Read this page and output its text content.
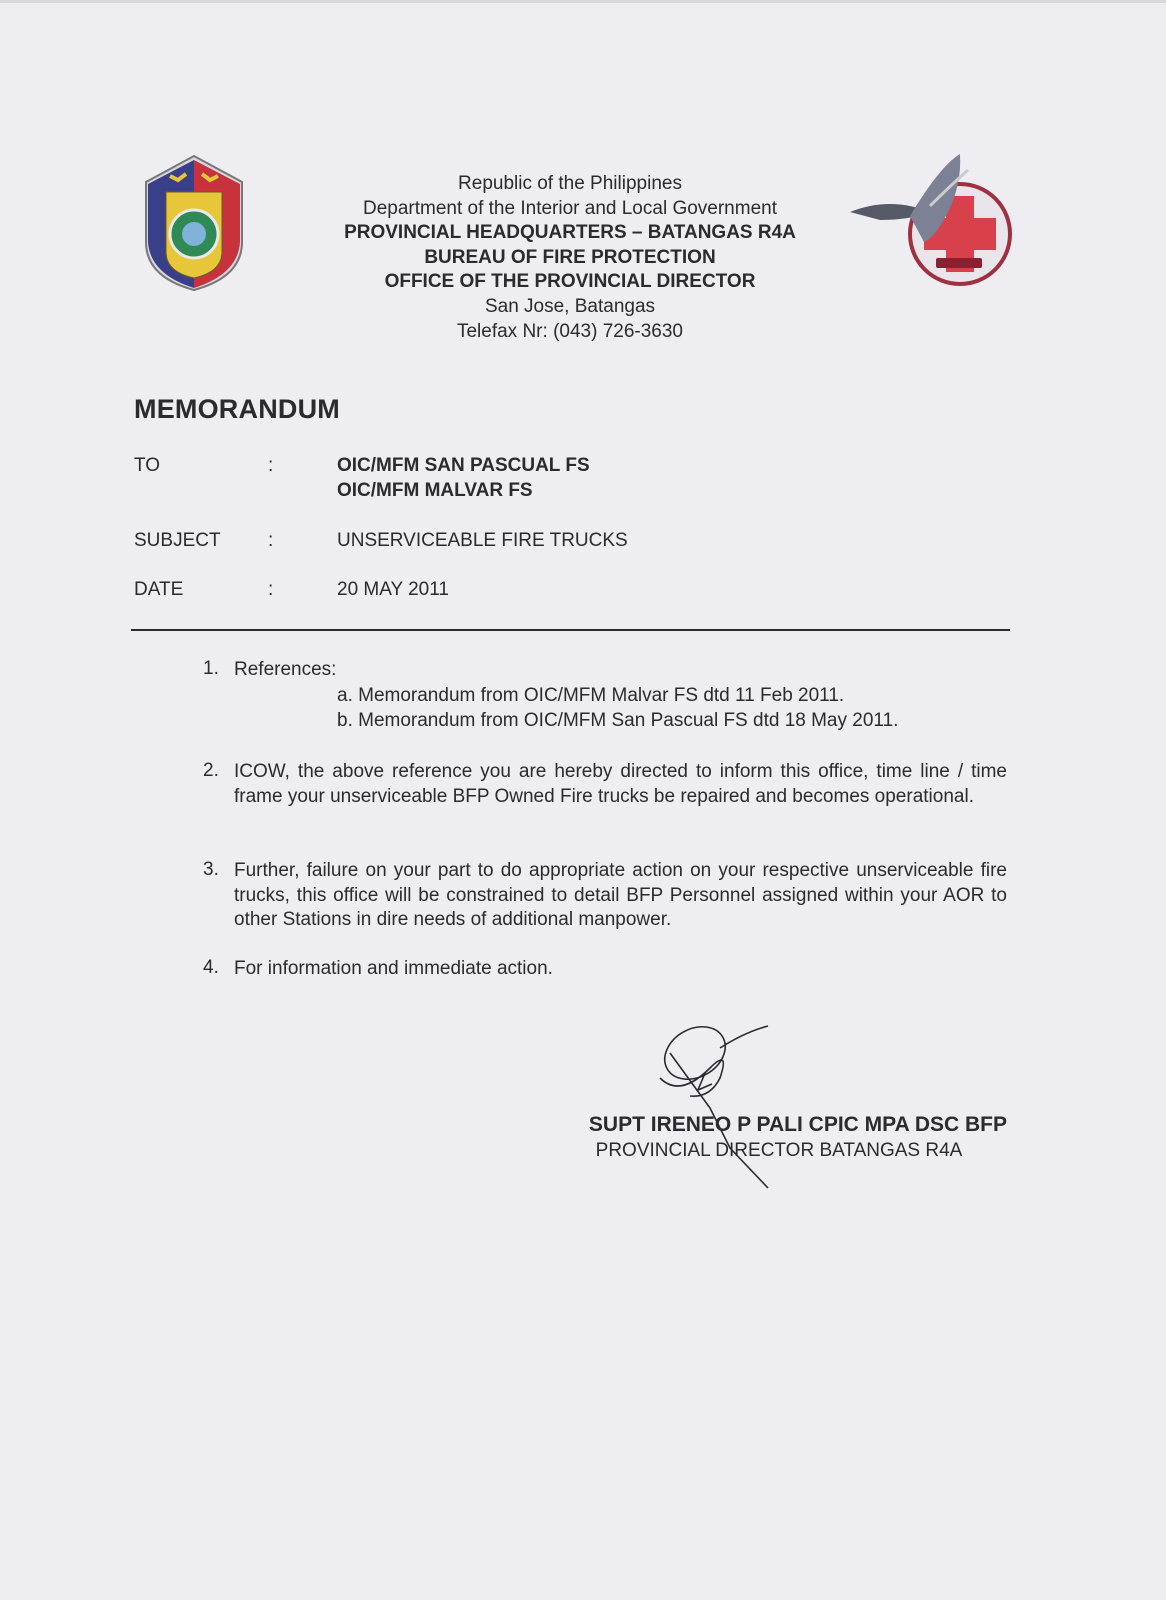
Republic of the Philippines
Department of the Interior and Local Government
PROVINCIAL HEADQUARTERS – BATANGAS R4A
BUREAU OF FIRE PROTECTION
OFFICE OF THE PROVINCIAL DIRECTOR
San Jose, Batangas
Telefax Nr: (043) 726-3630
MEMORANDUM
TO	:	OIC/MFM SAN PASCUAL FS
OIC/MFM MALVAR FS
SUBJECT :	UNSERVICEABLE FIRE TRUCKS
DATE	:	20 MAY 2011
1. References:
a. Memorandum from OIC/MFM Malvar FS dtd 11 Feb 2011.
b. Memorandum from OIC/MFM San Pascual FS dtd 18 May 2011.
2. ICOW, the above reference you are hereby directed to inform this office, time line / time frame your unserviceable BFP Owned Fire trucks be repaired and becomes operational.
3. Further, failure on your part to do appropriate action on your respective unserviceable fire trucks, this office will be constrained to detail BFP Personnel assigned within your AOR to other Stations in dire needs of additional manpower.
4. For information and immediate action.
SUPT IRENEO P PALI CPIC MPA DSC BFP
PROVINCIAL DIRECTOR BATANGAS R4A
